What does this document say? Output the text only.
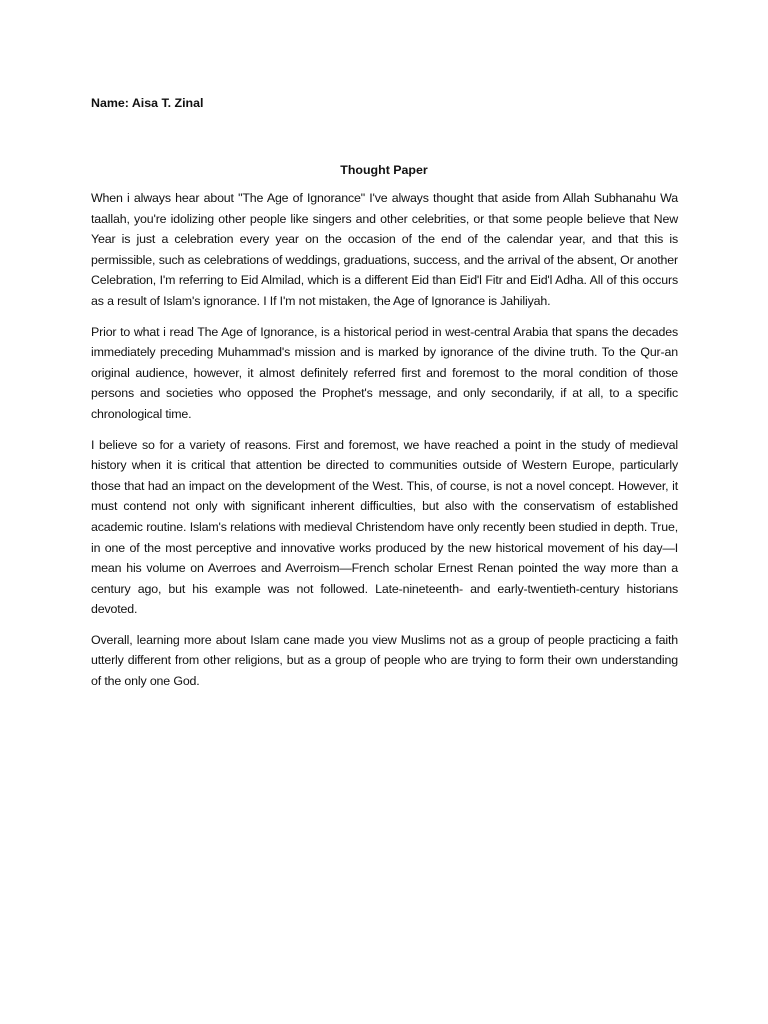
Name: Aisa T. Zinal
Thought Paper

When i always hear about "The Age of Ignorance" I've always thought that aside from Allah Subhanahu Wa taallah, you're idolizing other people like singers and other celebrities, or that some people believe that New Year is just a celebration every year on the occasion of the end of the calendar year, and that this is permissible, such as celebrations of weddings, graduations, success, and the arrival of the absent, Or another Celebration, I'm referring to Eid Almilad, which is a different Eid than Eid'l Fitr and Eid'l Adha. All of this occurs as a result of Islam's ignorance. I If I'm not mistaken, the Age of Ignorance is Jahiliyah.

Prior to what i read The Age of Ignorance, is a historical period in west-central Arabia that spans the decades immediately preceding Muhammad's mission and is marked by ignorance of the divine truth. To the Qur-an original audience, however, it almost definitely referred first and foremost to the moral condition of those persons and societies who opposed the Prophet's message, and only secondarily, if at all, to a specific chronological time.

I believe so for a variety of reasons. First and foremost, we have reached a point in the study of medieval history when it is critical that attention be directed to communities outside of Western Europe, particularly those that had an impact on the development of the West. This, of course, is not a novel concept. However, it must contend not only with significant inherent difficulties, but also with the conservatism of established academic routine. Islam's relations with medieval Christendom have only recently been studied in depth. True, in one of the most perceptive and innovative works produced by the new historical movement of his day—I mean his volume on Averroes and Averroism—French scholar Ernest Renan pointed the way more than a century ago, but his example was not followed. Late-nineteenth- and early-twentieth-century historians devoted.

Overall, learning more about Islam cane made you view Muslims not as a group of people practicing a faith utterly different from other religions, but as a group of people who are trying to form their own understanding of the only one God.
